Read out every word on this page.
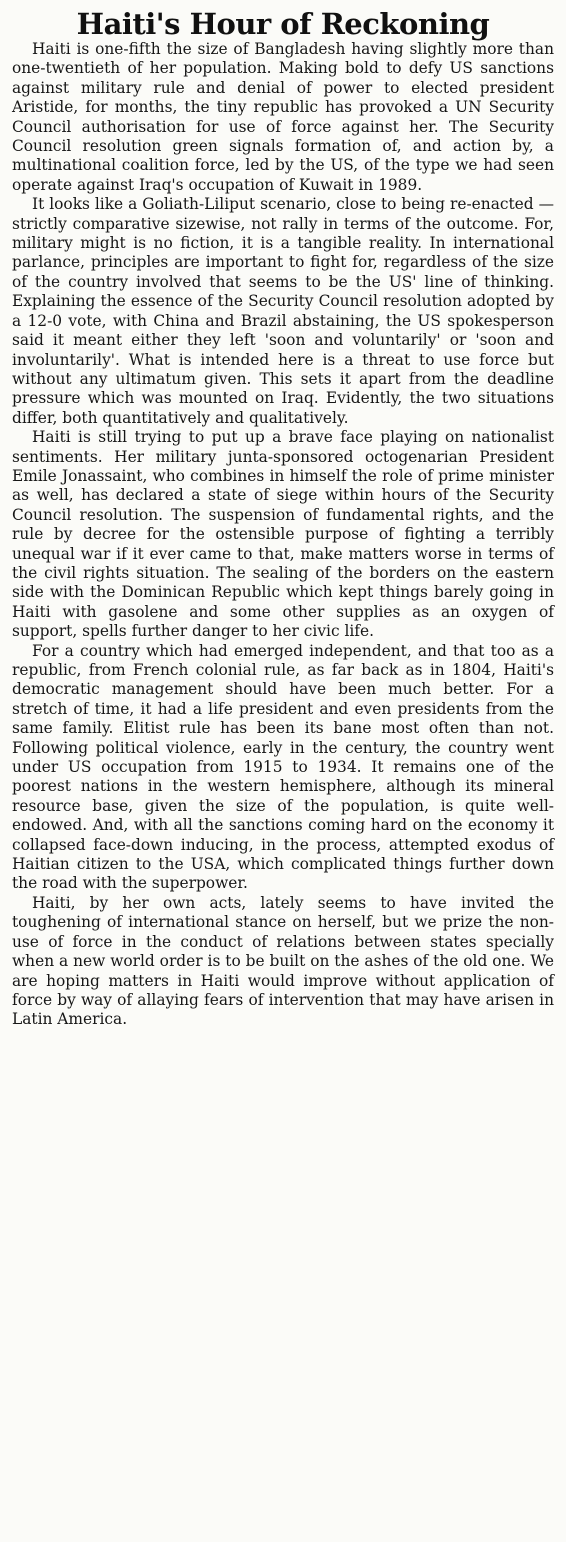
Haiti's Hour of Reckoning

Haiti is one-fifth the size of Bangladesh having slightly more than one-twentieth of her population. Making bold to defy US sanctions against military rule and denial of power to elected president Aristide, for months, the tiny republic has provoked a UN Security Council authorisation for use of force against her. The Security Council resolution green signals formation of, and action by, a multinational coalition force, led by the US, of the type we had seen operate against Iraq's occupation of Kuwait in 1989.

It looks like a Goliath-Liliput scenario, close to being re-enacted — strictly comparative sizewise, not rally in terms of the outcome. For, military might is no fiction, it is a tangible reality. In international parlance, principles are important to fight for, regardless of the size of the country involved that seems to be the US' line of thinking. Explaining the essence of the Security Council resolution adopted by a 12-0 vote, with China and Brazil abstaining, the US spokesperson said it meant either they left 'soon and voluntarily' or 'soon and involuntarily'. What is intended here is a threat to use force but without any ultimatum given. This sets it apart from the deadline pressure which was mounted on Iraq. Evidently, the two situations differ, both quantitatively and qualitatively.

Haiti is still trying to put up a brave face playing on nationalist sentiments. Her military junta-sponsored octogenarian President Emile Jonassaint, who combines in himself the role of prime minister as well, has declared a state of siege within hours of the Security Council resolution. The suspension of fundamental rights, and the rule by decree for the ostensible purpose of fighting a terribly unequal war if it ever came to that, make matters worse in terms of the civil rights situation. The sealing of the borders on the eastern side with the Dominican Republic which kept things barely going in Haiti with gasolene and some other supplies as an oxygen of support, spells further danger to her civic life.

For a country which had emerged independent, and that too as a republic, from French colonial rule, as far back as in 1804, Haiti's democratic management should have been much better. For a stretch of time, it had a life president and even presidents from the same family. Elitist rule has been its bane most often than not. Following political violence, early in the century, the country went under US occupation from 1915 to 1934. It remains one of the poorest nations in the western hemisphere, although its mineral resource base, given the size of the population, is quite well-endowed. And, with all the sanctions coming hard on the economy it collapsed face-down inducing, in the process, attempted exodus of Haitian citizen to the USA, which complicated things further down the road with the superpower.

Haiti, by her own acts, lately seems to have invited the toughening of international stance on herself, but we prize the non-use of force in the conduct of relations between states specially when a new world order is to be built on the ashes of the old one. We are hoping matters in Haiti would improve without application of force by way of allaying fears of intervention that may have arisen in Latin America.
